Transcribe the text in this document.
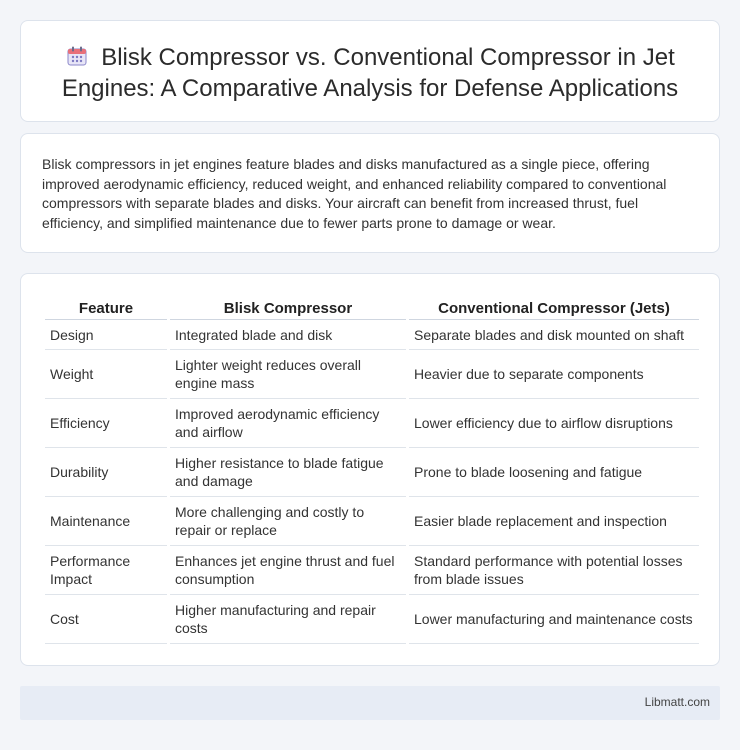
Blisk Compressor vs. Conventional Compressor in Jet Engines: A Comparative Analysis for Defense Applications

Blisk compressors in jet engines feature blades and disks manufactured as a single piece, offering improved aerodynamic efficiency, reduced weight, and enhanced reliability compared to conventional compressors with separate blades and disks. Your aircraft can benefit from increased thrust, fuel efficiency, and simplified maintenance due to fewer parts prone to damage or wear.

Feature	Blisk Compressor	Conventional Compressor (Jets)
Design	Integrated blade and disk	Separate blades and disk mounted on shaft
Weight	Lighter weight reduces overall engine mass	Heavier due to separate components
Efficiency	Improved aerodynamic efficiency and airflow	Lower efficiency due to airflow disruptions
Durability	Higher resistance to blade fatigue and damage	Prone to blade loosening and fatigue
Maintenance	More challenging and costly to repair or replace	Easier blade replacement and inspection
Performance Impact	Enhances jet engine thrust and fuel consumption	Standard performance with potential losses from blade issues
Cost	Higher manufacturing and repair costs	Lower manufacturing and maintenance costs
Libmatt.com
